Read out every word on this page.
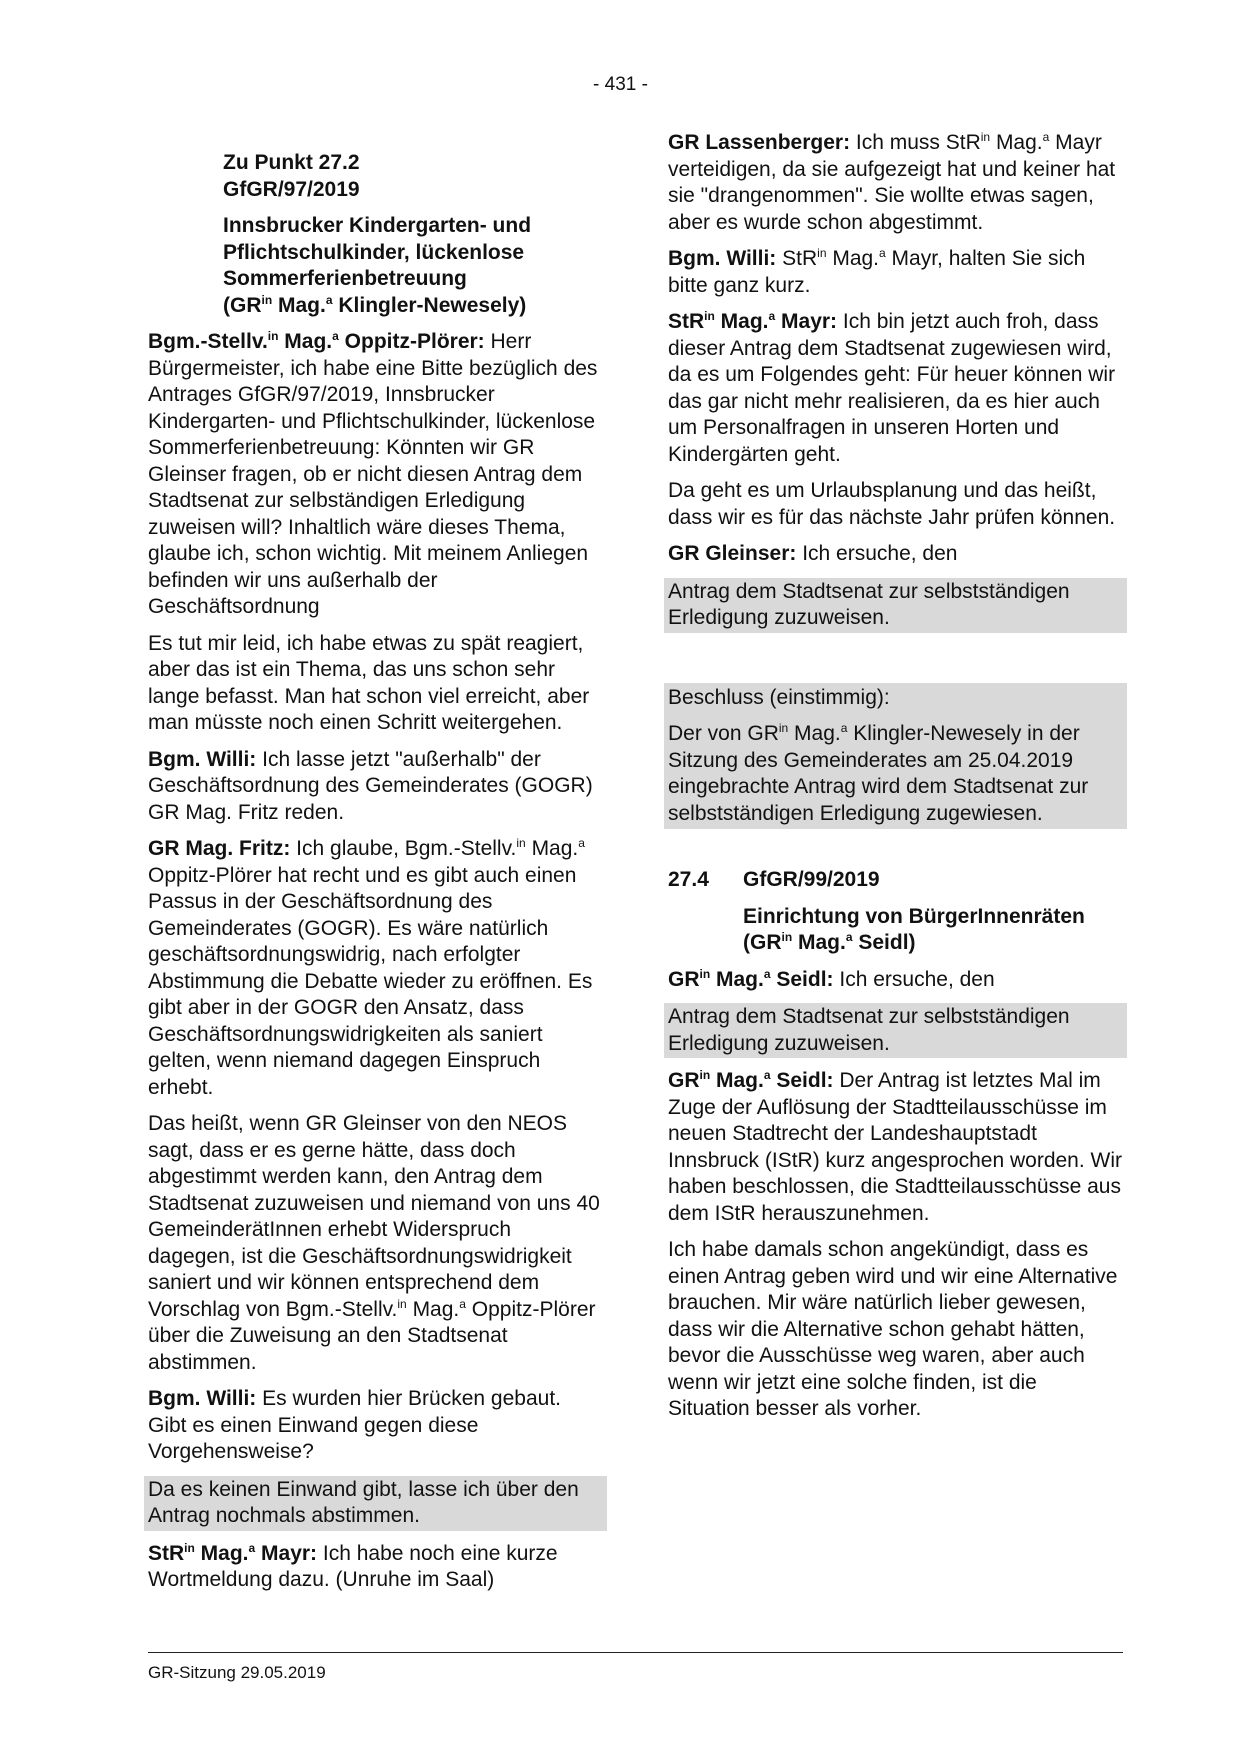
- 431 -
Zu Punkt 27.2
GfGR/97/2019
Innsbrucker Kindergarten- und
Pflichtschulkinder, lückenlose
Sommerferienbetreuung
($GR^{in}$ Mag.$^a$ Klingler-Newesely)

Bgm.-Stellv.$^{in}$ Mag.$^a$ Oppitz-Plörer: Herr Bürgermeister, ich habe eine Bitte bezüglich des Antrages GfGR/97/2019, Innsbrucker Kindergarten- und Pflichtschulkinder, lückenlose Sommerferienbetreuung: Könnten wir GR Gleinser fragen, ob er nicht diesen Antrag dem Stadtsenat zur selbständigen Erledigung zuweisen will? Inhaltlich wäre dieses Thema, glaube ich, schon wichtig. Mit meinem Anliegen befinden wir uns außerhalb der Geschäftsordnung

Es tut mir leid, ich habe etwas zu spät reagiert, aber das ist ein Thema, das uns schon sehr lange befasst. Man hat schon viel erreicht, aber man müsste noch einen Schritt weitergehen.

Bgm. Willi: Ich lasse jetzt "außerhalb" der Geschäftsordnung des Gemeinderates (GOGR) GR Mag. Fritz reden.

GR Mag. Fritz: Ich glaube, Bgm.-Stellv.$^{in}$ Mag.$^a$ Oppitz-Plörer hat recht und es gibt auch einen Passus in der Geschäftsordnung des Gemeinderates (GOGR). Es wäre natürlich geschäftsordnungswidrig, nach erfolgter Abstimmung die Debatte wieder zu eröffnen. Es gibt aber in der GOGR den Ansatz, dass Geschäftsordnungswidrigkeiten als saniert gelten, wenn niemand dagegen Einspruch erhebt.

Das heißt, wenn GR Gleinser von den NEOS sagt, dass er es gerne hätte, dass doch abgestimmt werden kann, den Antrag dem Stadtsenat zuzuweisen und niemand von uns 40 GemeinderätInnen erhebt Widerspruch dagegen, ist die Geschäftsordnungswidrigkeit saniert und wir können entsprechend dem Vorschlag von Bgm.-Stellv.$^{in}$ Mag.$^a$ Oppitz-Plörer über die Zuweisung an den Stadtsenat abstimmen.

Bgm. Willi: Es wurden hier Brücken gebaut. Gibt es einen Einwand gegen diese Vorgehensweise?

Da es keinen Einwand gibt, lasse ich über den Antrag nochmals abstimmen.

StR$^{in}$ Mag.$^a$ Mayr: Ich habe noch eine kurze Wortmeldung dazu. (Unruhe im Saal)

GR Lassenberger: Ich muss StR$^{in}$ Mag.$^a$ Mayr verteidigen, da sie aufgezeigt hat und keiner hat sie "drangenommen". Sie wollte etwas sagen, aber es wurde schon abgestimmt.

Bgm. Willi: StR$^{in}$ Mag.$^a$ Mayr, halten Sie sich bitte ganz kurz.

StR$^{in}$ Mag.$^a$ Mayr: Ich bin jetzt auch froh, dass dieser Antrag dem Stadtsenat zugewiesen wird, da es um Folgendes geht: Für heuer können wir das gar nicht mehr realisieren, da es hier auch um Personalfragen in unseren Horten und Kindergärten geht.

Da geht es um Urlaubsplanung und das heißt, dass wir es für das nächste Jahr prüfen können.

GR Gleinser: Ich ersuche, den

Antrag dem Stadtsenat zur selbstständigen Erledigung zuzuweisen.

Beschluss (einstimmig):

Der von $GR^{in}$ Mag.$^a$ Klingler-Newesely in der Sitzung des Gemeinderates am 25.04.2019 eingebrachte Antrag wird dem Stadtsenat zur selbstständigen Erledigung zugewiesen.

27.4	GfGR/99/2019
Einrichtung von BürgerInnenräten
($GR^{in}$ Mag.$^a$ Seidl)

$GR^{in}$ Mag.$^a$ Seidl: Ich ersuche, den

Antrag dem Stadtsenat zur selbstständigen Erledigung zuzuweisen.

$GR^{in}$ Mag.$^a$ Seidl: Der Antrag ist letztes Mal im Zuge der Auflösung der Stadtteilausschüsse im neuen Stadtrecht der Landeshauptstadt Innsbruck (IStR) kurz angesprochen worden. Wir haben beschlossen, die Stadtteilausschüsse aus dem IStR herauszunehmen.

Ich habe damals schon angekündigt, dass es einen Antrag geben wird und wir eine Alternative brauchen. Mir wäre natürlich lieber gewesen, dass wir die Alternative schon gehabt hätten, bevor die Ausschüsse weg waren, aber auch wenn wir jetzt eine solche finden, ist die Situation besser als vorher.

GR-Sitzung 29.05.2019
